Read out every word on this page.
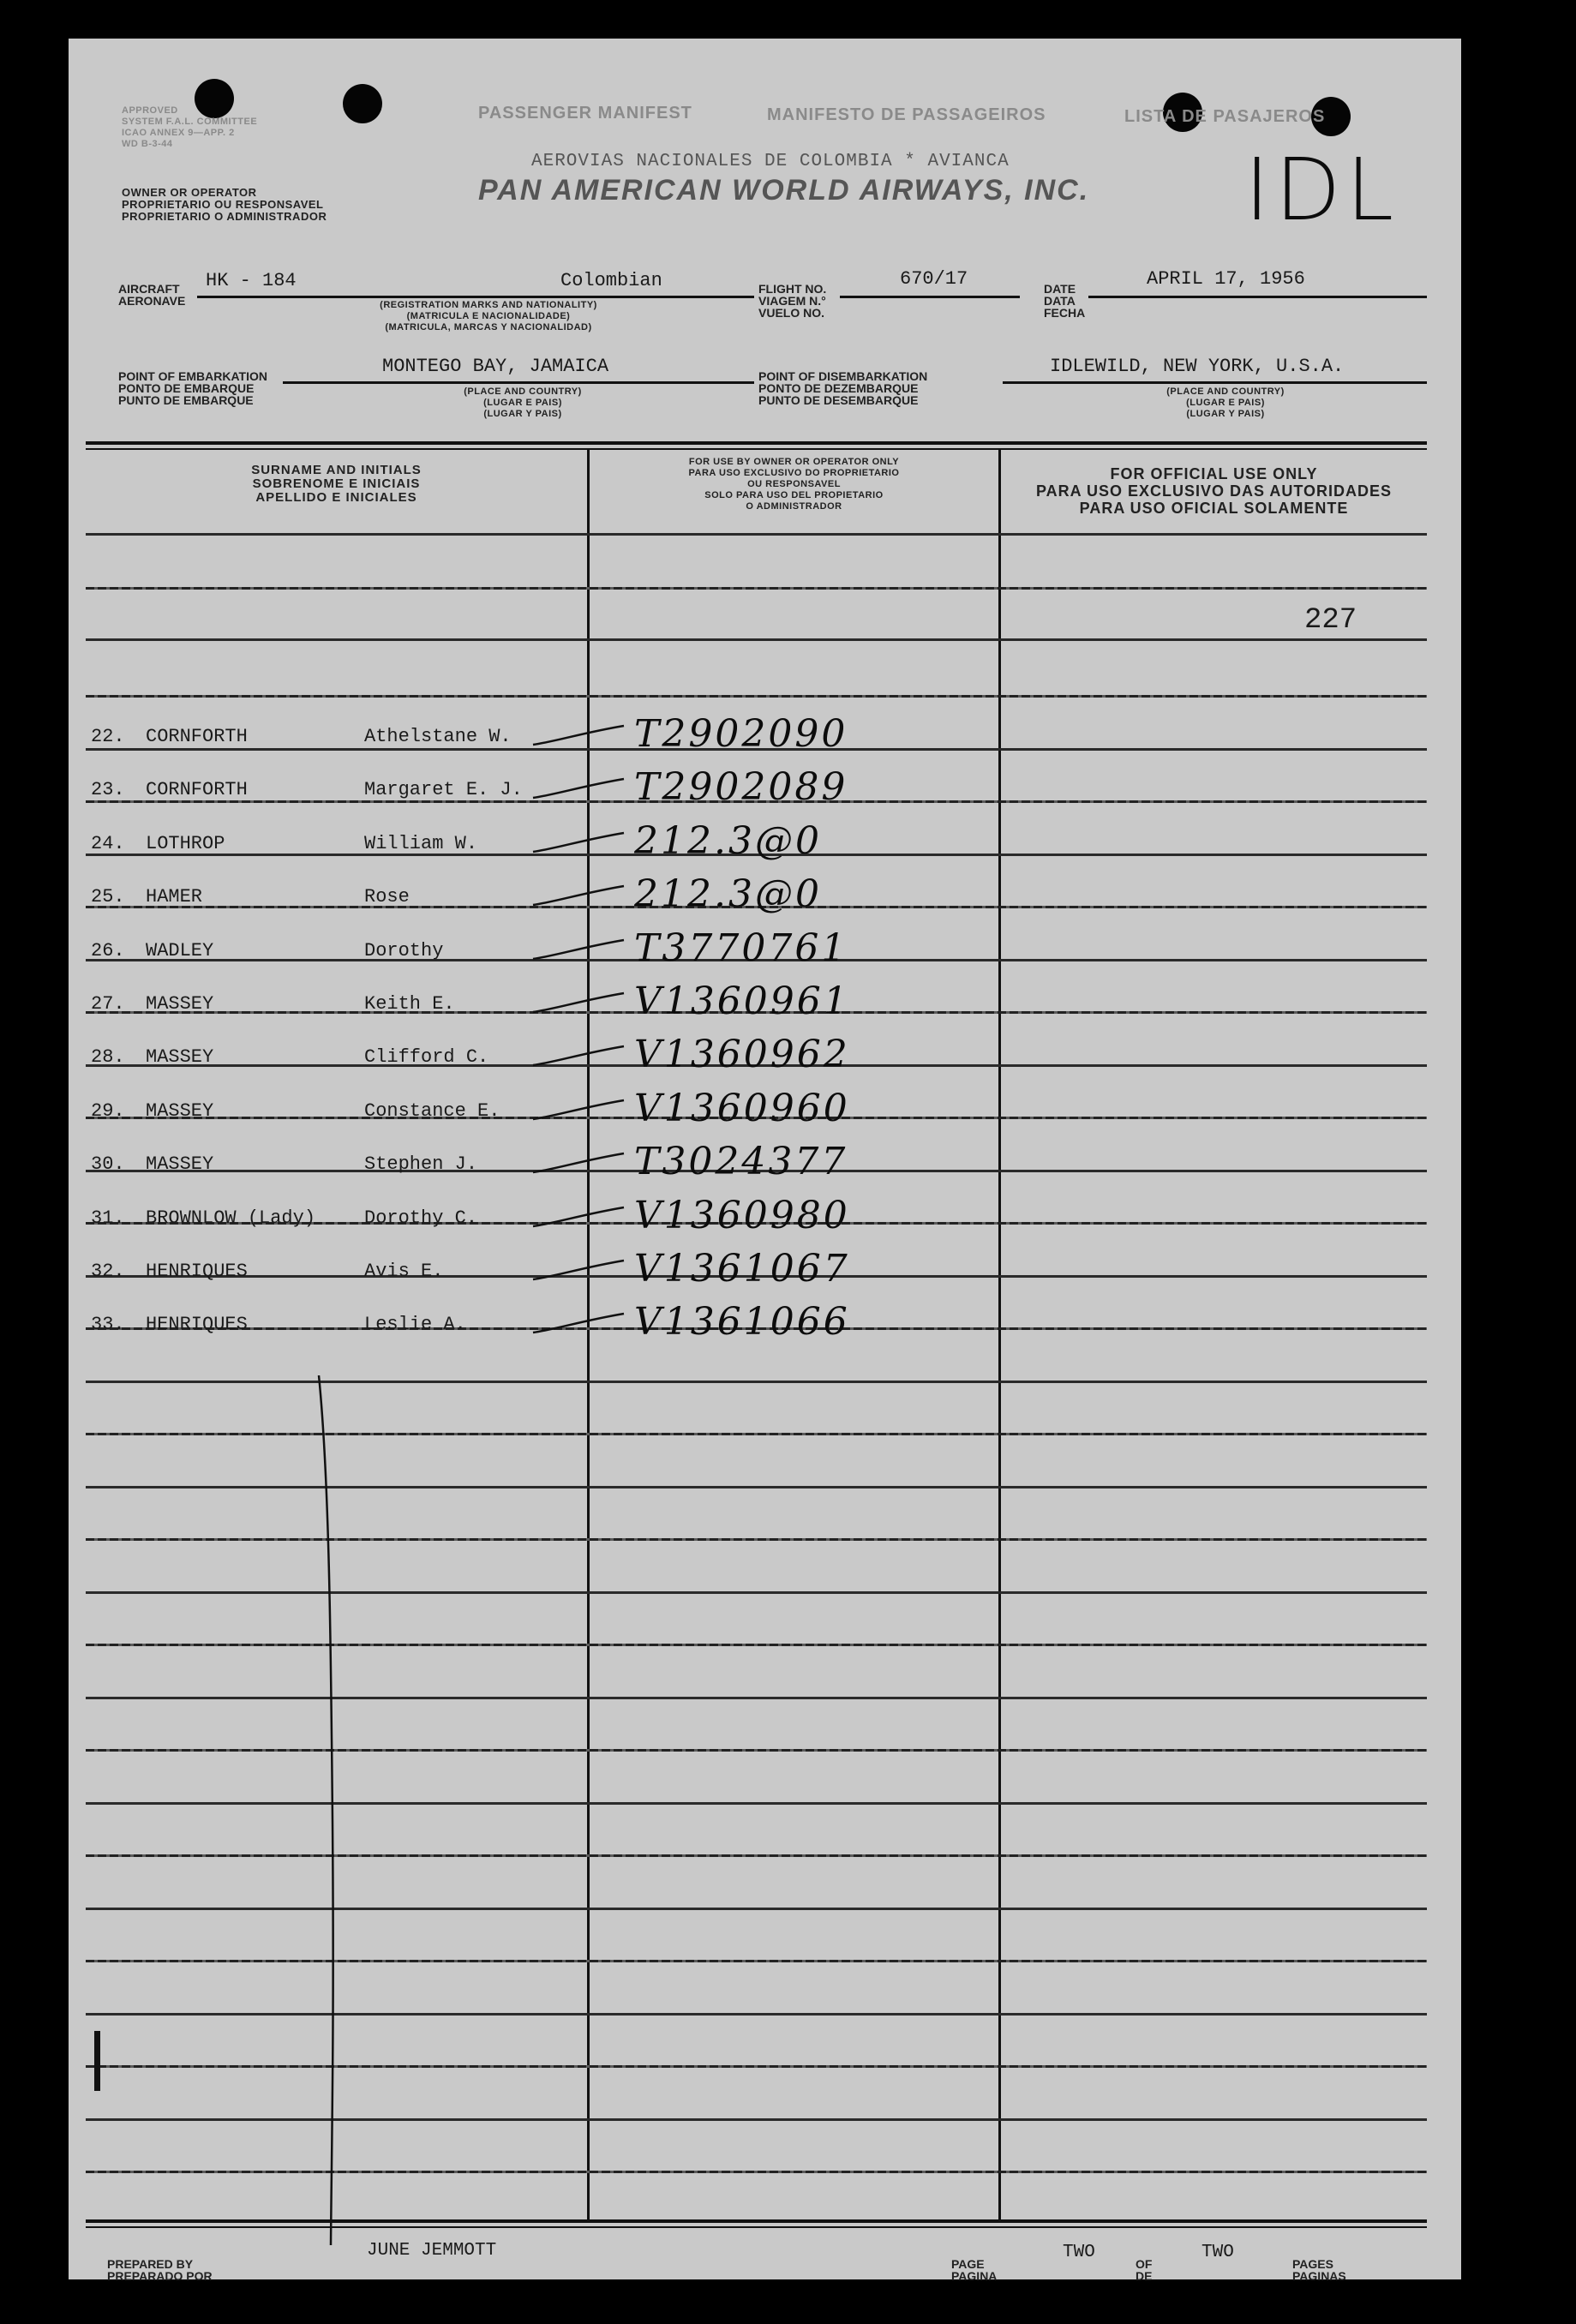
APPROVED
SYSTEM F.A.L. COMMITTEE
ICAO ANNEX 9—APP. 2
WD B-3-44
PASSENGER MANIFEST	MANIFESTO DE PASSAGEIROS	LISTA DE PASAJEROS
OWNER OR OPERATOR
PROPRIETARIO OU RESPONSAVEL
PROPRIETARIO O ADMINISTRADOR
AEROVIAS NACIONALES DE COLOMBIA * AVIANCA
PAN AMERICAN WORLD AIRWAYS, INC. IDL
AIRCRAFT
AERONAVE
HK - 184	Colombian
(REGISTRATION MARKS AND NATIONALITY)
(MATRICULA E NACIONALIDADE)
(MATRICULA, MARCAS Y NACIONALIDAD)
FLIGHT NO.
VIAGEM N.°
VUELO NO.
670/17	DATE
DATA
FECHA
APRIL 17, 1956
POINT OF EMBARKATION
PONTO DE EMBARQUE
PUNTO DE EMBARQUE
MONTEGO BAY, JAMAICA
(PLACE AND COUNTRY)
(LUGAR E PAIS)
(LUGAR Y PAIS)
POINT OF DISEMBARKATION
PONTO DE DEZEMBARQUE
PUNTO DE DESEMBARQUE
IDLEWILD, NEW YORK, U.S.A.
(PLACE AND COUNTRY)
(LUGAR E PAIS)
(LUGAR Y PAIS)
SURNAME AND INITIALS
SOBRENOME E INICIAIS
APELLIDO E INICIALES
FOR USE BY OWNER OR OPERATOR ONLY
PARA USO EXCLUSIVO DO PROPRIETARIO
OU RESPONSAVEL
SOLO PARA USO DEL PROPIETARIO
O ADMINISTRADOR
FOR OFFICIAL USE ONLY
PARA USO EXCLUSIVO DAS AUTORIDADES
PARA USO OFICIAL SOLAMENTE
227
22. CORNFORTH	Athelstane W.	T2902090
23. CORNFORTH	Margaret E. J.	T2902089
24. LOTHROP	William W.	212.3@0
25. HAMER	Rose	212.3@0
26. WADLEY	Dorothy	T3770761
27. MASSEY	Keith E.	V1360961
28. MASSEY	Clifford C.	V1360962
29. MASSEY	Constance E.	V1360960
30. MASSEY	Stephen J.	T3024377
31. BROWNLOW (Lady)	Dorothy C.	V1360980
32. HENRIQUES	Avis E.	V1361067
33. HENRIQUES	Leslie A.	V1361066
PREPARED BY
PREPARADO POR
JUNE JEMMOTT
PAGE
PAGINA
TWO
OF
DE
TWO
PAGES
PAGINAS
